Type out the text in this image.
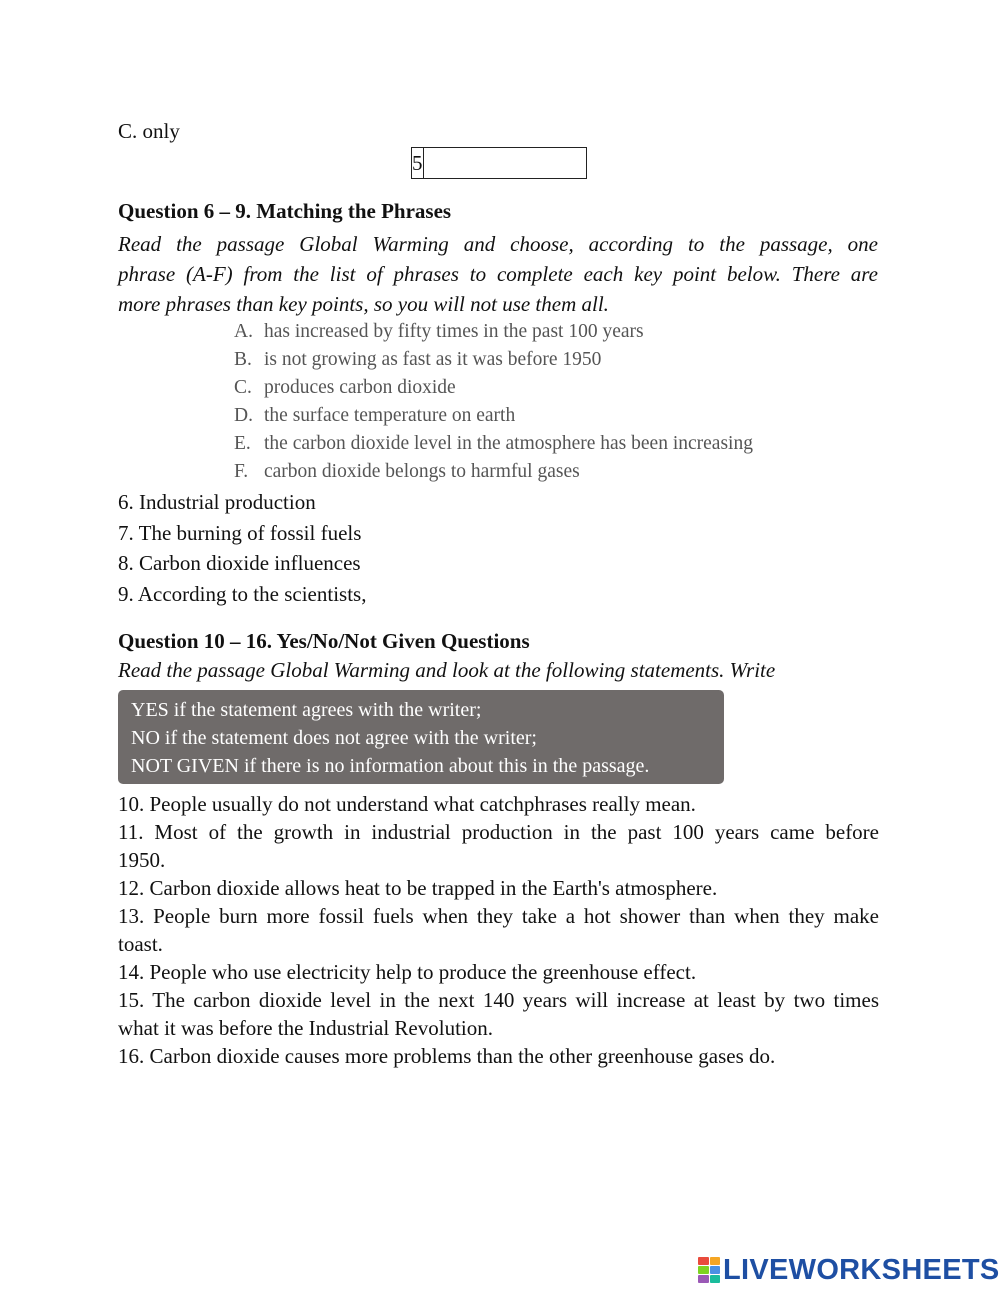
C. only
5
Question 6 – 9. Matching the Phrases
Read the passage Global Warming and choose, according to the passage, one
phrase (A-F) from the list of phrases to complete each key point below. There are
more phrases than key points, so you will not use them all.
A. has increased by fifty times in the past 100 years
B. is not growing as fast as it was before 1950
C. produces carbon dioxide
D. the surface temperature on earth
E. the carbon dioxide level in the atmosphere has been increasing
F. carbon dioxide belongs to harmful gases
6. Industrial production
7. The burning of fossil fuels
8. Carbon dioxide influences
9. According to the scientists,
Question 10 – 16. Yes/No/Not Given Questions
Read the passage Global Warming and look at the following statements. Write
YES if the statement agrees with the writer;
NO if the statement does not agree with the writer;
NOT GIVEN if there is no information about this in the passage.
10. People usually do not understand what catchphrases really mean.
11. Most of the growth in industrial production in the past 100 years came before
1950.
12. Carbon dioxide allows heat to be trapped in the Earth's atmosphere.
13. People burn more fossil fuels when they take a hot shower than when they make
toast.
14. People who use electricity help to produce the greenhouse effect.
15. The carbon dioxide level in the next 140 years will increase at least by two times
what it was before the Industrial Revolution.
16. Carbon dioxide causes more problems than the other greenhouse gases do.
LIVEWORKSHEETS
